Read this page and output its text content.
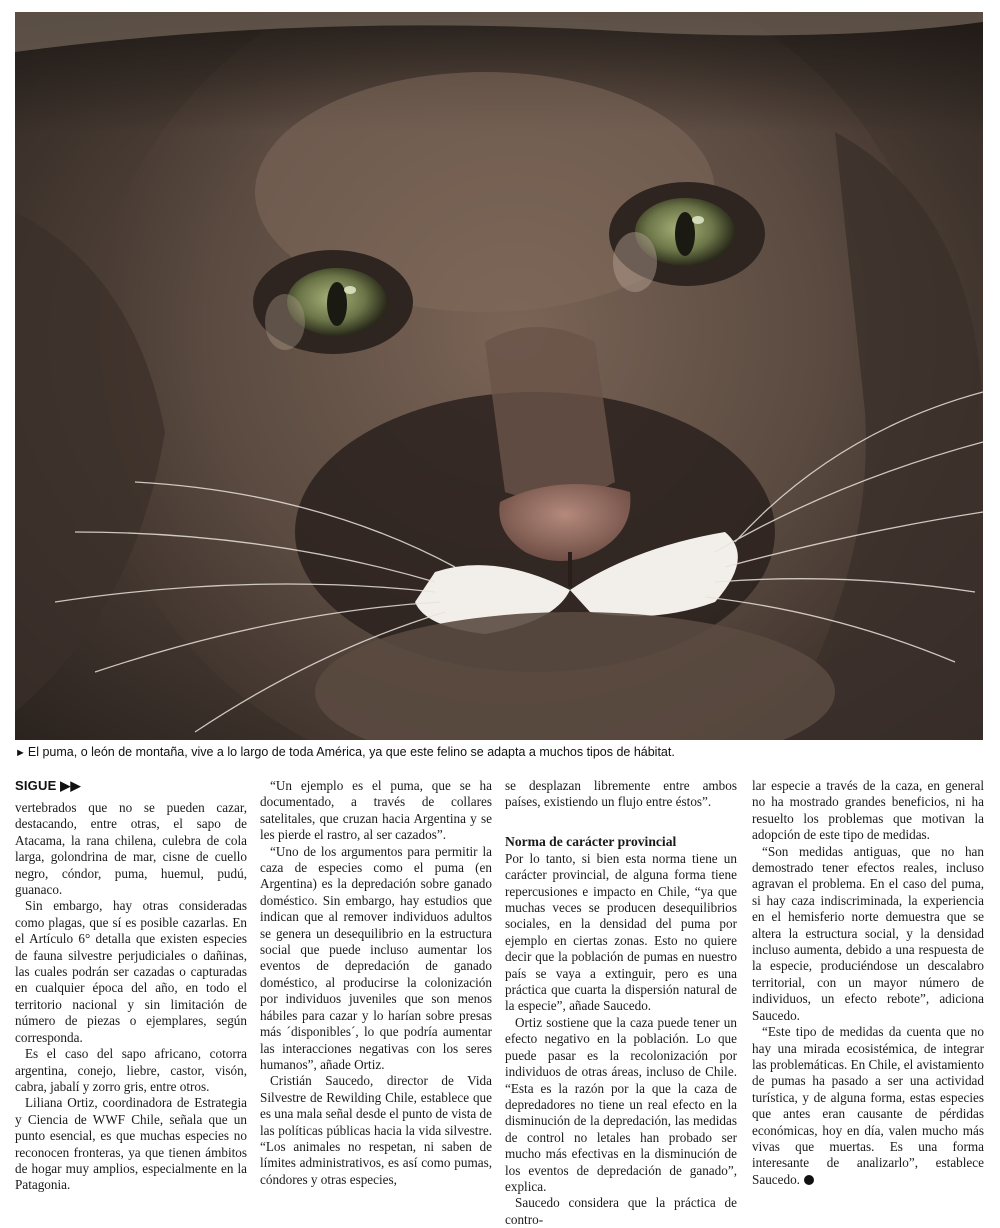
► El puma, o león de montaña, vive a lo largo de toda América, ya que este felino se adapta a muchos tipos de hábitat.
SIGUE ▶▶

vertebrados que no se pueden cazar, destacando, entre otras, el sapo de Atacama, la rana chilena, culebra de cola larga, golondrina de mar, cisne de cuello negro, cóndor, puma, huemul, pudú, guanaco.

Sin embargo, hay otras consideradas como plagas, que sí es posible cazarlas. En el Artículo 6° detalla que existen especies de fauna silvestre perjudiciales o dañinas, las cuales podrán ser cazadas o capturadas en cualquier época del año, en todo el territorio nacional y sin limitación de número de piezas o ejemplares, según corresponda.

Es el caso del sapo africano, cotorra argentina, conejo, liebre, castor, visón, cabra, jabalí y zorro gris, entre otros.

Liliana Ortiz, coordinadora de Estrategia y Ciencia de WWF Chile, señala que un punto esencial, es que muchas especies no reconocen fronteras, ya que tienen ámbitos de hogar muy amplios, especialmente en la Patagonia.

“Un ejemplo es el puma, que se ha documentado, a través de collares satelitales, que cruzan hacia Argentina y se les pierde el rastro, al ser cazados”.

“Uno de los argumentos para permitir la caza de especies como el puma (en Argentina) es la depredación sobre ganado doméstico. Sin embargo, hay estudios que indican que al remover individuos adultos se genera un desequilibrio en la estructura social que puede incluso aumentar los eventos de depredación de ganado doméstico, al producirse la colonización por individuos juveniles que son menos hábiles para cazar y lo harían sobre presas más ´disponibles´, lo que podría aumentar las interacciones negativas con los seres humanos”, añade Ortiz.

Cristián Saucedo, director de Vida Silvestre de Rewilding Chile, establece que es una mala señal desde el punto de vista de las políticas públicas hacia la vida silvestre. “Los animales no respetan, ni saben de límites administrativos, es así como pumas, cóndores y otras especies,

se desplazan libremente entre ambos países, existiendo un flujo entre éstos”.

Norma de carácter provincial

Por lo tanto, si bien esta norma tiene un carácter provincial, de alguna forma tiene repercusiones e impacto en Chile, “ya que muchas veces se producen desequilibrios sociales, en la densidad del puma por ejemplo en ciertas zonas. Esto no quiere decir que la población de pumas en nuestro país se vaya a extinguir, pero es una práctica que cuarta la dispersión natural de la especie”, añade Saucedo.

Ortiz sostiene que la caza puede tener un efecto negativo en la población. Lo que puede pasar es la recolonización por individuos de otras áreas, incluso de Chile. “Esta es la razón por la que la caza de depredadores no tiene un real efecto en la disminución de la depredación, las medidas de control no letales han probado ser mucho más efectivas en la disminución de los eventos de depredación de ganado”, explica.

Saucedo considera que la práctica de contro-

lar especie a través de la caza, en general no ha mostrado grandes beneficios, ni ha resuelto los problemas que motivan la adopción de este tipo de medidas.

“Son medidas antiguas, que no han demostrado tener efectos reales, incluso agravan el problema. En el caso del puma, si hay caza indiscriminada, la experiencia en el hemisferio norte demuestra que se altera la estructura social, y la densidad incluso aumenta, debido a una respuesta de la especie, produciéndose un descalabro territorial, con un mayor número de individuos, un efecto rebote”, adiciona Saucedo.

“Este tipo de medidas da cuenta que no hay una mirada ecosistémica, de integrar las problemáticas. En Chile, el avistamiento de pumas ha pasado a ser una actividad turística, y de alguna forma, estas especies que antes eran causante de pérdidas económicas, hoy en día, valen mucho más vivas que muertas. Es una forma interesante de analizarlo”, establece Saucedo.
